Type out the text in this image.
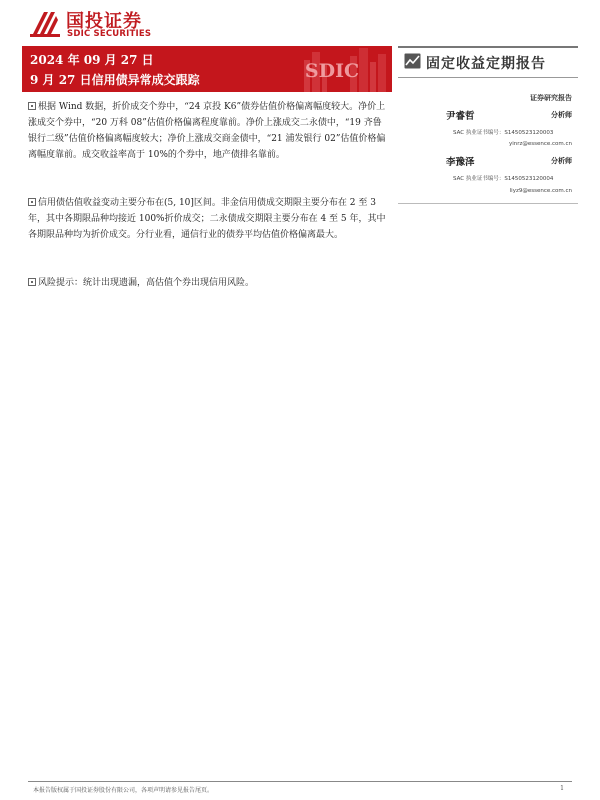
国投证券
SDIC SECURITIES
2024 年 09 月 27 日
9 月 27 日信用债异常成交跟踪	SDIC	固定收益定期报告
证券研究报告
尹睿哲	分析师
SAC 执业证书编号：S1450523120003
yinrz@essence.com.cn
李豫泽	分析师
SAC 执业证书编号：S1450523120004
liyz9@essence.com.cn

根据 Wind 数据，折价成交个券中，“24 京投 K6”债券估值价格偏离幅度较大。净价上涨成交个券中，“20 万科 08”估值价格偏离程度靠前。净价上涨成交二永债中，“19 齐鲁银行二级”估值价格偏离幅度较大；净价上涨成交商金债中，“21 浦发银行 02”估值价格偏离幅度靠前。成交收益率高于 10%的个券中，地产债排名靠前。

信用债估值收益变动主要分布在(5, 10]区间。非金信用债成交期限主要分布在 2 至 3 年，其中各期限品种均接近 100%折价成交；二永债成交期限主要分布在 4 至 5 年，其中各期限品种均为折价成交。分行业看，通信行业的债券平均估值价格偏离最大。

风险提示：统计出现遗漏，高估值个券出现信用风险。

本报告版权属于国投证券股份有限公司，各项声明请参见报告尾页。	1
